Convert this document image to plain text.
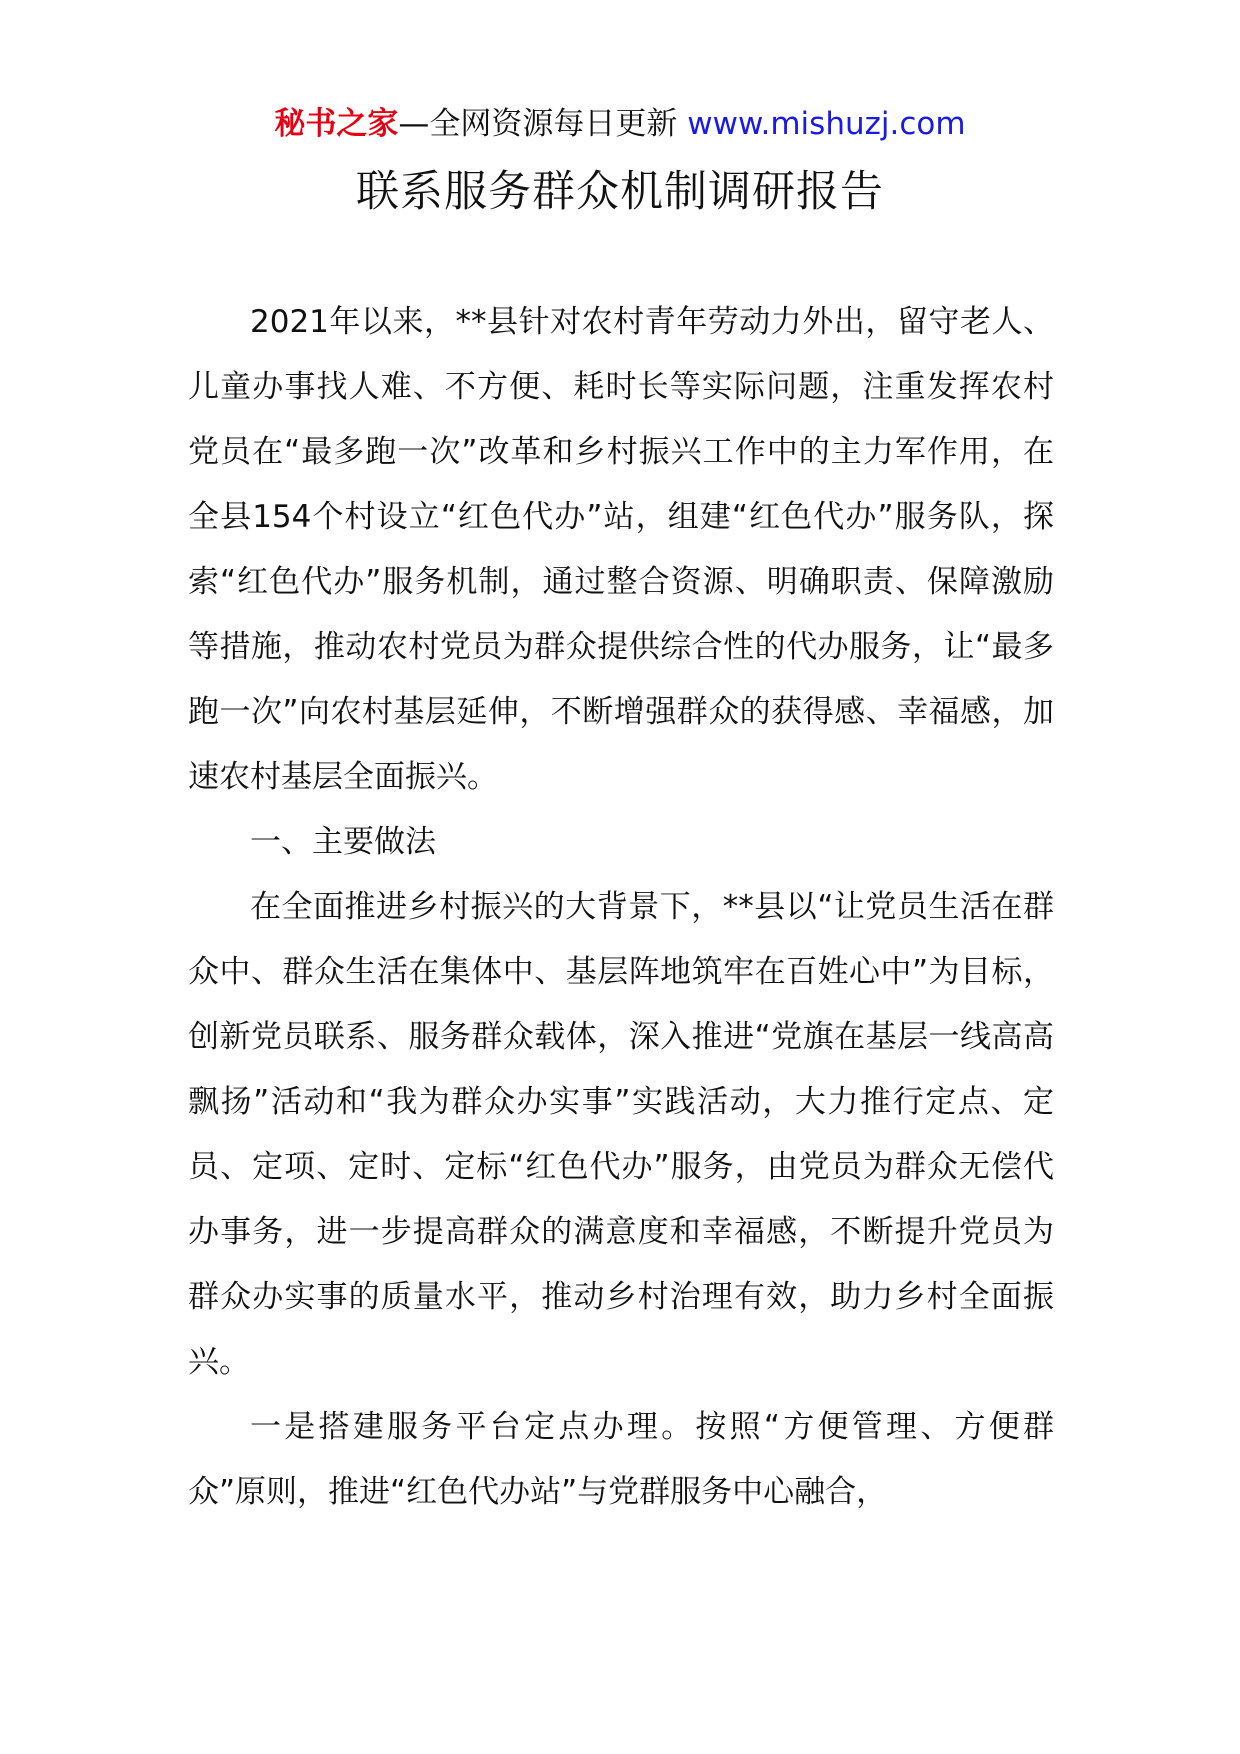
秘书之家—全网资源每日更新 www.mishuzj.com
联系服务群众机制调研报告

2021年以来，**县针对农村青年劳动力外出，留守老人、儿童办事找人难、不方便、耗时长等实际问题，注重发挥农村党员在“最多跑一次”改革和乡村振兴工作中的主力军作用，在全县154个村设立“红色代办”站，组建“红色代办”服务队，探索“红色代办”服务机制，通过整合资源、明确职责、保障激励等措施，推动农村党员为群众提供综合性的代办服务，让“最多跑一次”向农村基层延伸，不断增强群众的获得感、幸福感，加速农村基层全面振兴。

一、主要做法

在全面推进乡村振兴的大背景下，**县以“让党员生活在群众中、群众生活在集体中、基层阵地筑牢在百姓心中”为目标，创新党员联系、服务群众载体，深入推进“党旗在基层一线高高飘扬”活动和“我为群众办实事”实践活动，大力推行定点、定员、定项、定时、定标“红色代办”服务，由党员为群众无偿代办事务，进一步提高群众的满意度和幸福感，不断提升党员为群众办实事的质量水平，推动乡村治理有效，助力乡村全面振兴。

一是搭建服务平台定点办理。按照“方便管理、方便群众”原则，推进“红色代办站”与党群服务中心融合，
